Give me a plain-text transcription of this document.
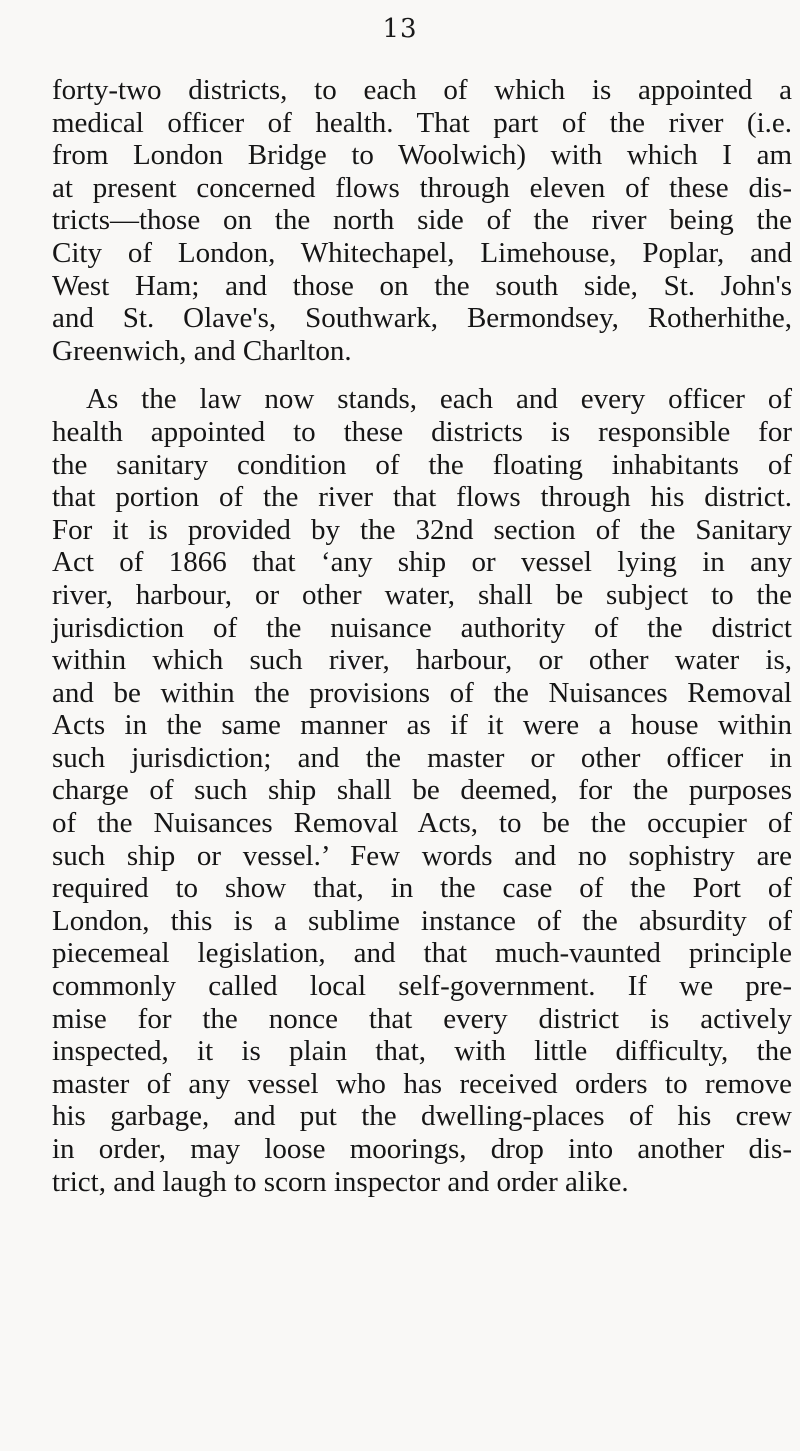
13
forty-two districts, to each of which is appointed a
medical officer of health. That part of the river (i.e.
from London Bridge to Woolwich) with which I am
at present concerned flows through eleven of these dis-
tricts—those on the north side of the river being the
City of London, Whitechapel, Limehouse, Poplar, and
West Ham; and those on the south side, St. John's
and St. Olave's, Southwark, Bermondsey, Rotherhithe,
Greenwich, and Charlton.
As the law now stands, each and every officer of
health appointed to these districts is responsible for
the sanitary condition of the floating inhabitants of
that portion of the river that flows through his district.
For it is provided by the 32nd section of the Sanitary
Act of 1866 that ‘any ship or vessel lying in any
river, harbour, or other water, shall be subject to the
jurisdiction of the nuisance authority of the district
within which such river, harbour, or other water is,
and be within the provisions of the Nuisances Removal
Acts in the same manner as if it were a house within
such jurisdiction; and the master or other officer in
charge of such ship shall be deemed, for the purposes
of the Nuisances Removal Acts, to be the occupier of
such ship or vessel.’ Few words and no sophistry are
required to show that, in the case of the Port of
London, this is a sublime instance of the absurdity of
piecemeal legislation, and that much-vaunted principle
commonly called local self-government. If we pre-
mise for the nonce that every district is actively
inspected, it is plain that, with little difficulty, the
master of any vessel who has received orders to remove
his garbage, and put the dwelling-places of his crew
in order, may loose moorings, drop into another dis-
trict, and laugh to scorn inspector and order alike.
